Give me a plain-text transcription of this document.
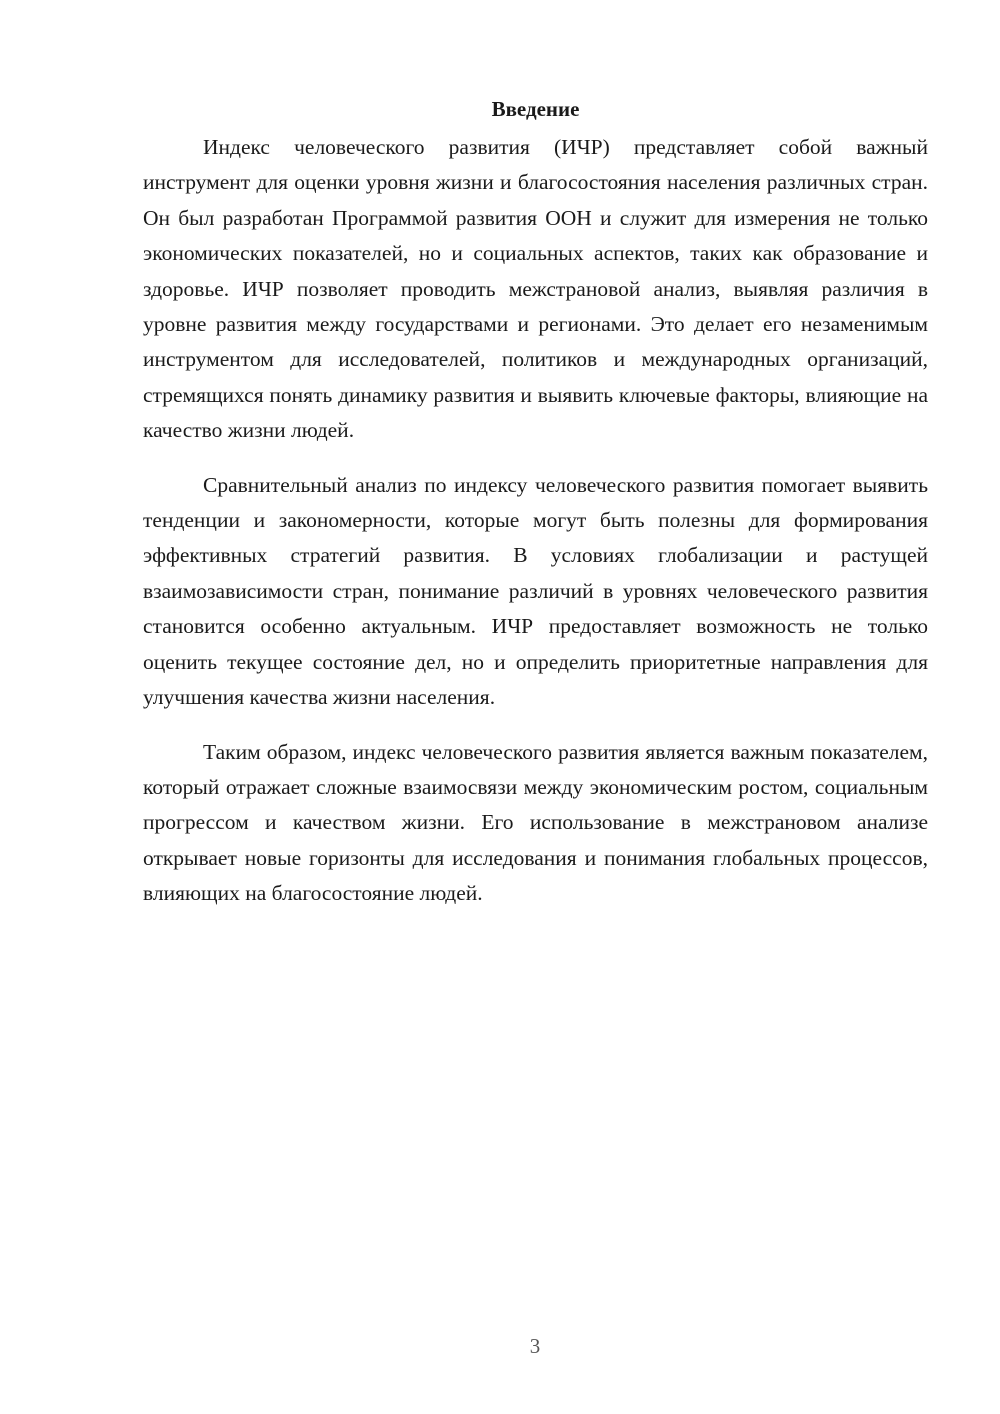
Введение

Индекс человеческого развития (ИЧР) представляет собой важный инструмент для оценки уровня жизни и благосостояния населения различных стран. Он был разработан Программой развития ООН и служит для измерения не только экономических показателей, но и социальных аспектов, таких как образование и здоровье. ИЧР позволяет проводить межстрановой анализ, выявляя различия в уровне развития между государствами и регионами. Это делает его незаменимым инструментом для исследователей, политиков и международных организаций, стремящихся понять динамику развития и выявить ключевые факторы, влияющие на качество жизни людей.

Сравнительный анализ по индексу человеческого развития помогает выявить тенденции и закономерности, которые могут быть полезны для формирования эффективных стратегий развития. В условиях глобализации и растущей взаимозависимости стран, понимание различий в уровнях человеческого развития становится особенно актуальным. ИЧР предоставляет возможность не только оценить текущее состояние дел, но и определить приоритетные направления для улучшения качества жизни населения.

Таким образом, индекс человеческого развития является важным показателем, который отражает сложные взаимосвязи между экономическим ростом, социальным прогрессом и качеством жизни. Его использование в межстрановом анализе открывает новые горизонты для исследования и понимания глобальных процессов, влияющих на благосостояние людей.

3
